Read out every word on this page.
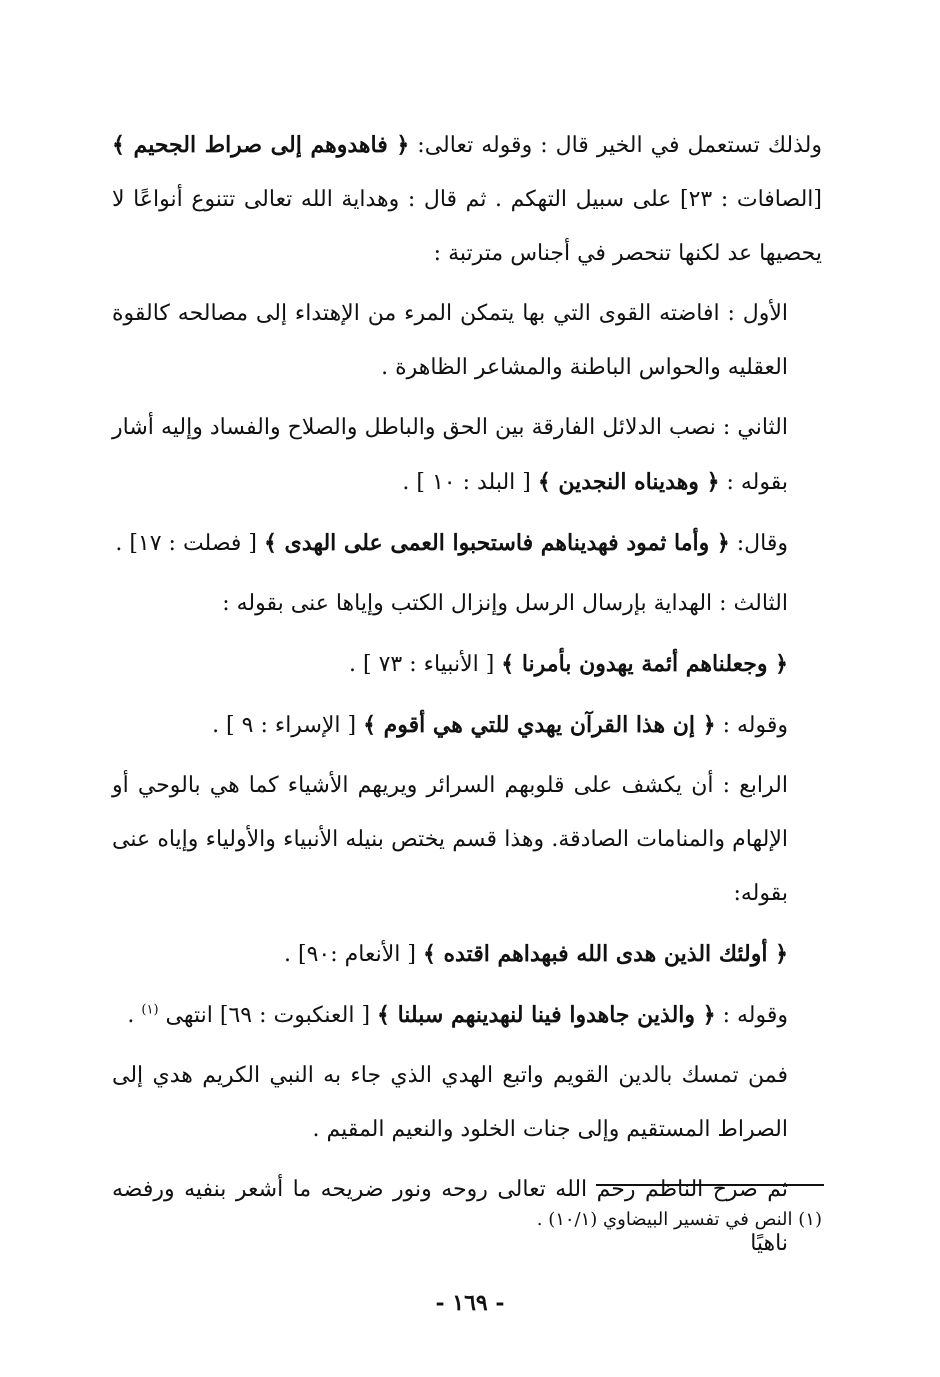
ولذلك تستعمل في الخير قال : وقوله تعالى: ﴿ فاهدوهم إلى صراط الجحيم ﴾ [الصافات : ٢٣] على سبيل التهكم . ثم قال : وهداية الله تعالى تتنوع أنواعًا لا يحصيها عد لكنها تنحصر في أجناس مترتبة :

الأول : افاضته القوى التي بها يتمكن المرء من الإهتداء إلى مصالحه كالقوة العقليه والحواس الباطنة والمشاعر الظاهرة .

الثاني : نصب الدلائل الفارقة بين الحق والباطل والصلاح والفساد وإليه أشار بقوله : ﴿ وهديناه النجدين ﴾ [ البلد : ١٠ ] .

وقال: ﴿ وأما ثمود فهديناهم فاستحبوا العمى على الهدى ﴾ [ فصلت : ١٧] .

الثالث : الهداية بإرسال الرسل وإنزال الكتب وإياها عنى بقوله :

﴿ وجعلناهم أئمة يهدون بأمرنا ﴾ [ الأنبياء : ٧٣ ] .

وقوله : ﴿ إن هذا القرآن يهدي للتي هي أقوم ﴾ [ الإسراء : ٩ ] .

الرابع : أن يكشف على قلوبهم السرائر ويريهم الأشياء كما هي بالوحي أو الإلهام والمنامات الصادقة. وهذا قسم يختص بنيله الأنبياء والأولياء وإياه عنى بقوله:

﴿ أولئك الذين هدى الله فبهداهم اقتده ﴾ [ الأنعام :٩٠] .

وقوله : ﴿ والذين جاهدوا فينا لنهدينهم سبلنا ﴾ [ العنكبوت : ٦٩] انتهى $^{(١)}$ .

فمن تمسك بالدين القويم واتبع الهدي الذي جاء به النبي الكريم هدي إلى الصراط المستقيم وإلى جنات الخلود والنعيم المقيم .

ثم صرح الناظم رحم الله تعالى روحه ونور ضريحه ما أشعر بنفيه ورفضه ناهيًا

(١) النص في تفسير البيضاوي (١٠/١) .
- ١٦٩ -
